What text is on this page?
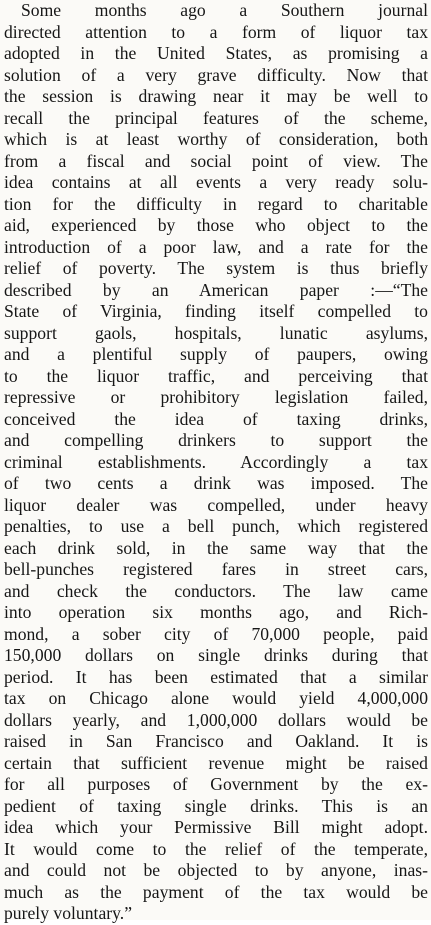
Some months ago a Southern journal
directed attention to a form of liquor tax
adopted in the United States, as promising a
solution of a very grave difficulty. Now that
the session is drawing near it may be well to
recall the principal features of the scheme,
which is at least worthy of consideration, both
from a fiscal and social point of view. The
idea contains at all events a very ready solu-
tion for the difficulty in regard to charitable
aid, experienced by those who object to the
introduction of a poor law, and a rate for the
relief of poverty. The system is thus briefly
described by an American paper :—“The
State of Virginia, finding itself compelled to
support gaols, hospitals, lunatic asylums,
and a plentiful supply of paupers, owing
to the liquor traffic, and perceiving that
repressive or prohibitory legislation failed,
conceived the idea of taxing drinks,
and compelling drinkers to support the
criminal establishments. Accordingly a tax
of two cents a drink was imposed. The
liquor dealer was compelled, under heavy
penalties, to use a bell punch, which registered
each drink sold, in the same way that the
bell-punches registered fares in street cars,
and check the conductors. The law came
into operation six months ago, and Rich-
mond, a sober city of 70,000 people, paid
150,000 dollars on single drinks during that
period. It has been estimated that a similar
tax on Chicago alone would yield 4,000,000
dollars yearly, and 1,000,000 dollars would be
raised in San Francisco and Oakland. It is
certain that sufficient revenue might be raised
for all purposes of Government by the ex-
pedient of taxing single drinks. This is an
idea which your Permissive Bill might adopt.
It would come to the relief of the temperate,
and could not be objected to by anyone, inas-
much as the payment of the tax would be
purely voluntary.”
